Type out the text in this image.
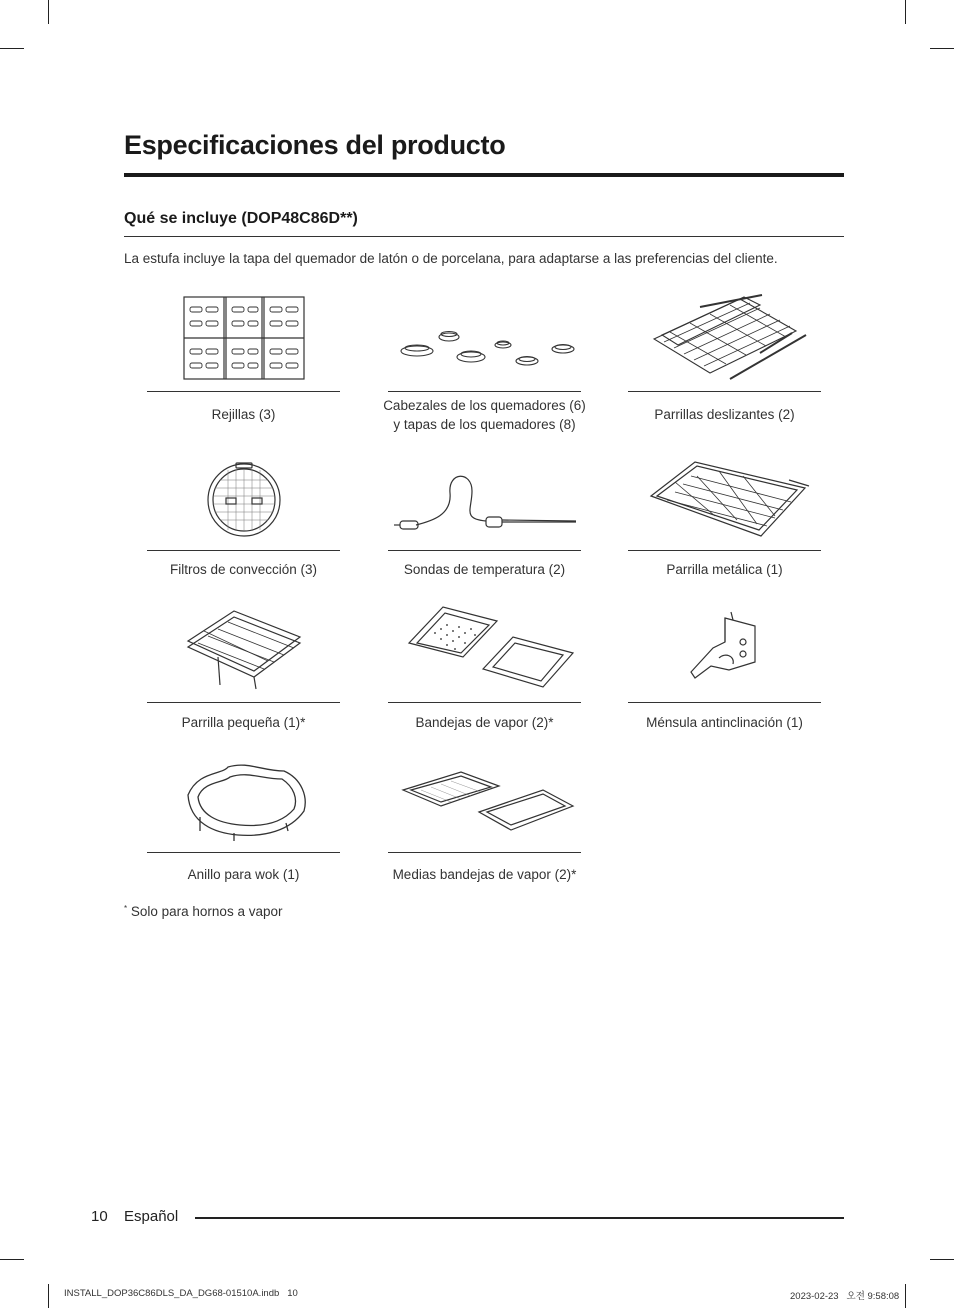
Especificaciones del producto
Qué se incluye (DOP48C86D**)

La estufa incluye la tapa del quemador de latón o de porcelana, para adaptarse a las preferencias del cliente.

Rejillas (3)
Cabezales de los quemadores (6)
y tapas de los quemadores (8)
Parrillas deslizantes (2)
Filtros de convección (3)	Sondas de temperatura (2)	Parrilla metálica (1)
Parrilla pequeña (1)*	Bandejas de vapor (2)*	Ménsula antinclinación (1)
Anillo para wok (1)	Medias bandejas de vapor (2)*

* Solo para hornos a vapor

10 Español
INSTALL_DOP36C86DLS_DA_DG68-01510A.indb   10	2023-02-23   오전 9:58:08
